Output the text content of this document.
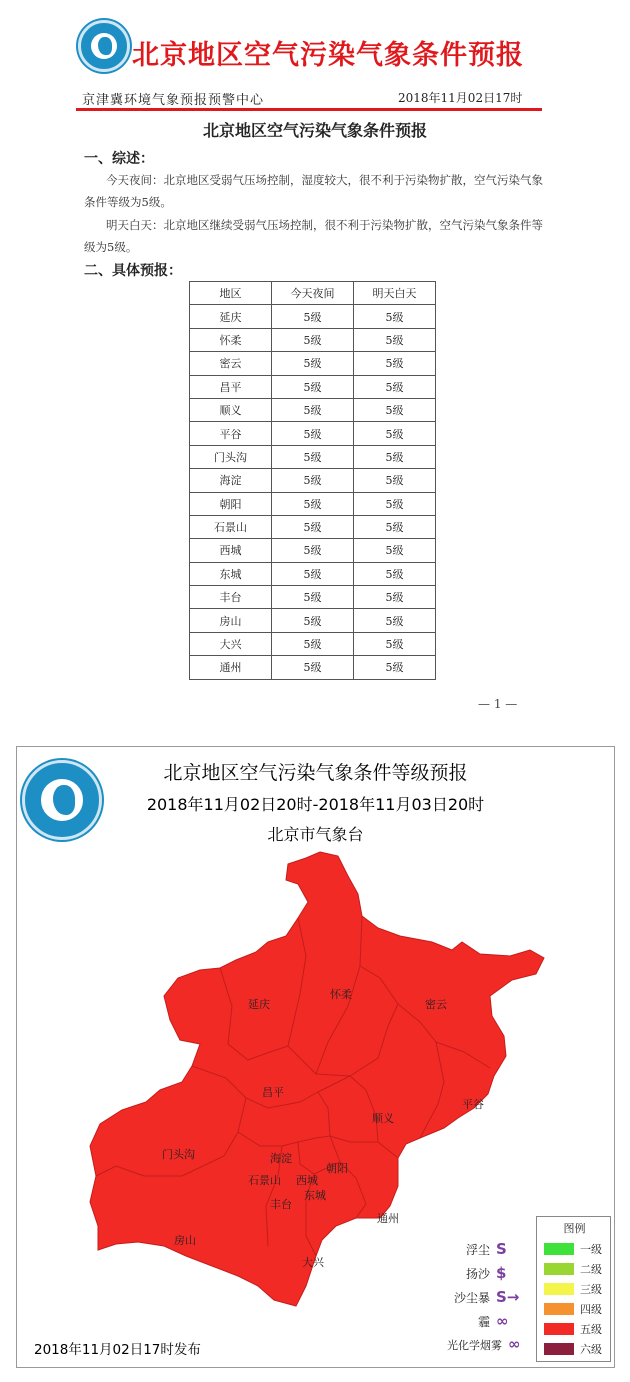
北京地区空气污染气象条件预报
京津冀环境气象预报预警中心	2018年11月02日17时
北京地区空气污染气象条件预报
一、综述：
今天夜间：北京地区受弱气压场控制，湿度较大，很不利于污染物扩散，空气污染气象条件等级为5级。
明天白天：北京地区继续受弱气压场控制，很不利于污染物扩散，空气污染气象条件等级为5级。
二、具体预报：
地区	今天夜间	明天白天
延庆	5级	5级
怀柔	5级	5级
密云	5级	5级
昌平	5级	5级
顺义	5级	5级
平谷	5级	5级
门头沟	5级	5级
海淀	5级	5级
朝阳	5级	5级
石景山	5级	5级
西城	5级	5级
东城	5级	5级
丰台	5级	5级
房山	5级	5级
大兴	5级	5级
通州	5级	5级
— 1 —
北京地区空气污染气象条件等级预报
2018年11月02日20时-2018年11月03日20时
北京市气象台
延庆
怀柔
密云
昌平
顺义
平谷
门头沟	海淀
朝阳
石景山 西城
东城
丰台
房山
大兴
通州
浮尘 S
扬沙 $
沙尘暴 S→
霾 ∞
光化学烟雾 ∞
图例
一级
二级
三级
四级
五级
六级
2018年11月02日17时发布
